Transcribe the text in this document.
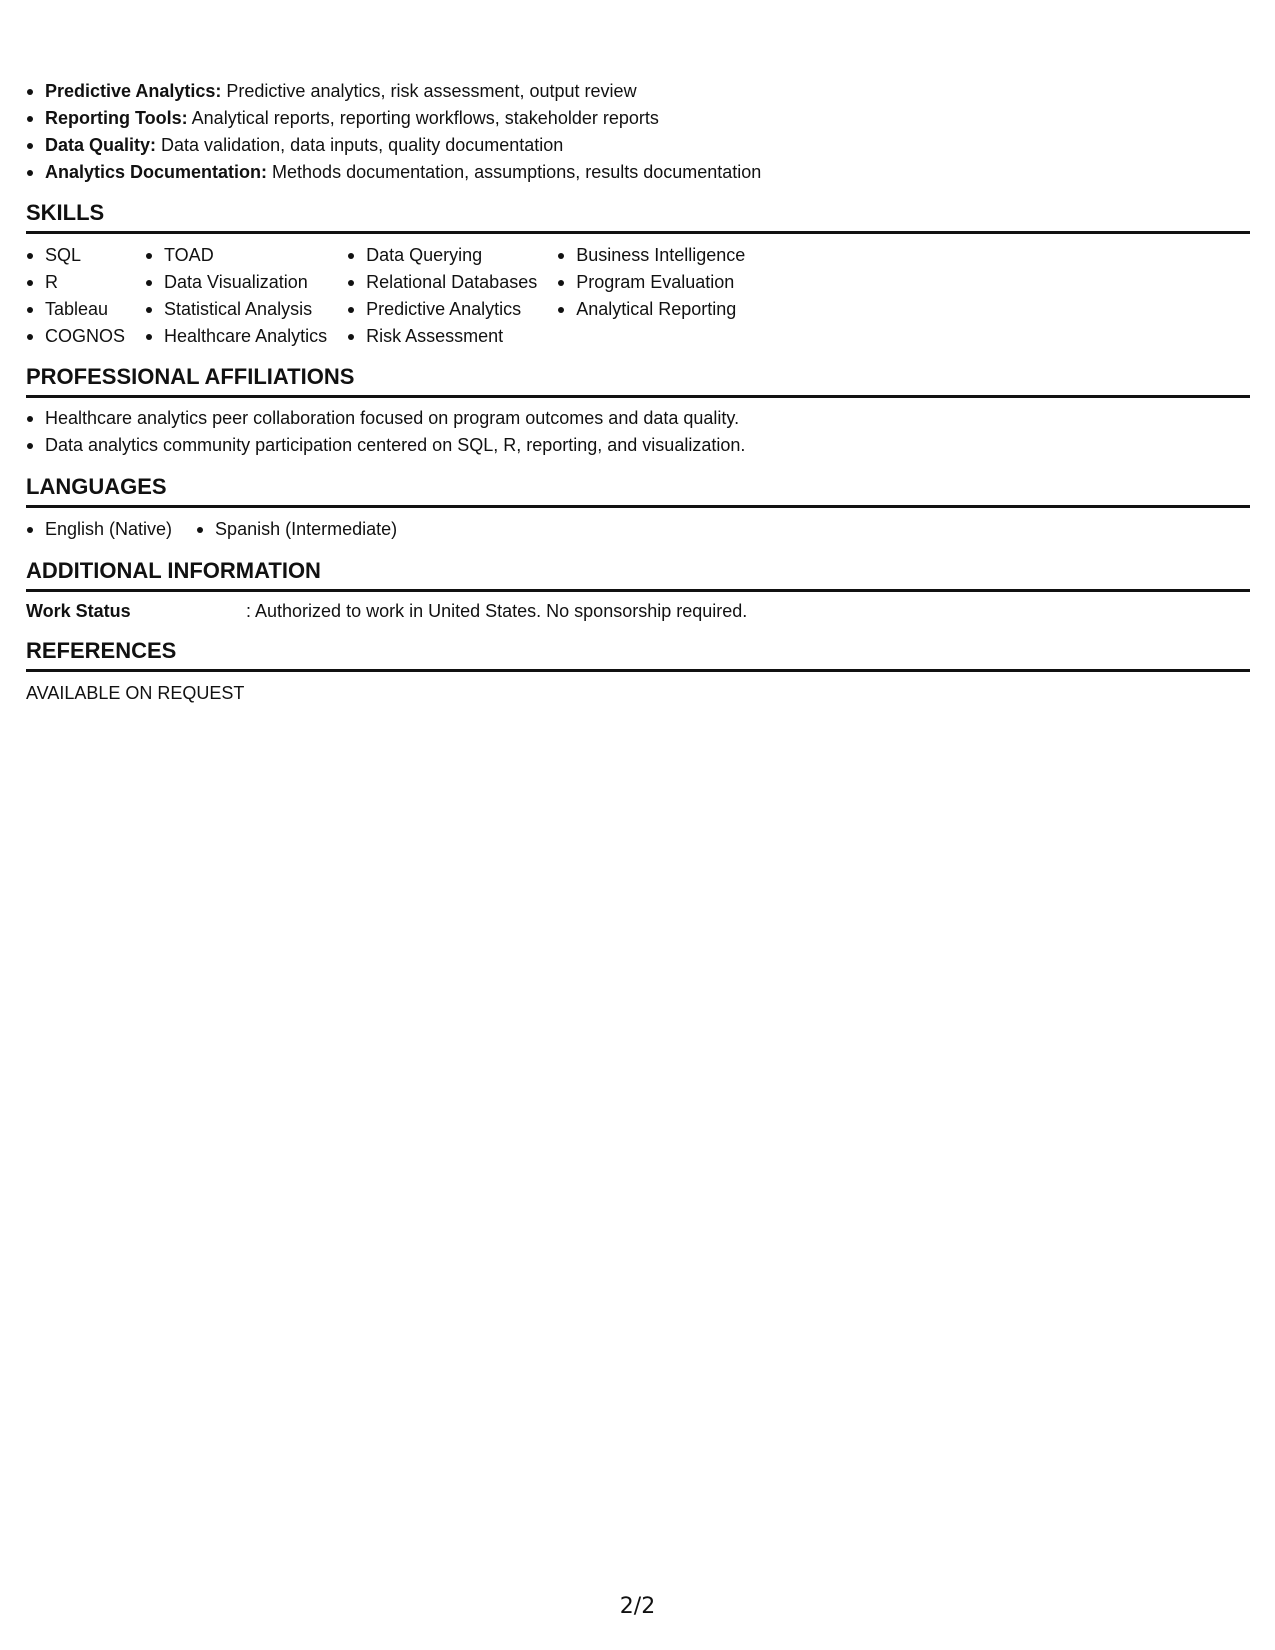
Predictive Analytics: Predictive analytics, risk assessment, output review
Reporting Tools: Analytical reports, reporting workflows, stakeholder reports
Data Quality: Data validation, data inputs, quality documentation
Analytics Documentation: Methods documentation, assumptions, results documentation
SKILLS
SQL
R
Tableau
COGNOS
TOAD
Data Visualization
Statistical Analysis
Healthcare Analytics
Data Querying
Relational Databases
Predictive Analytics
Risk Assessment
Business Intelligence
Program Evaluation
Analytical Reporting
PROFESSIONAL AFFILIATIONS
Healthcare analytics peer collaboration focused on program outcomes and data quality.
Data analytics community participation centered on SQL, R, reporting, and visualization.
LANGUAGES
English (Native)	Spanish (Intermediate)
ADDITIONAL INFORMATION
Work Status	: Authorized to work in United States. No sponsorship required.
REFERENCES
AVAILABLE ON REQUEST
2/2
